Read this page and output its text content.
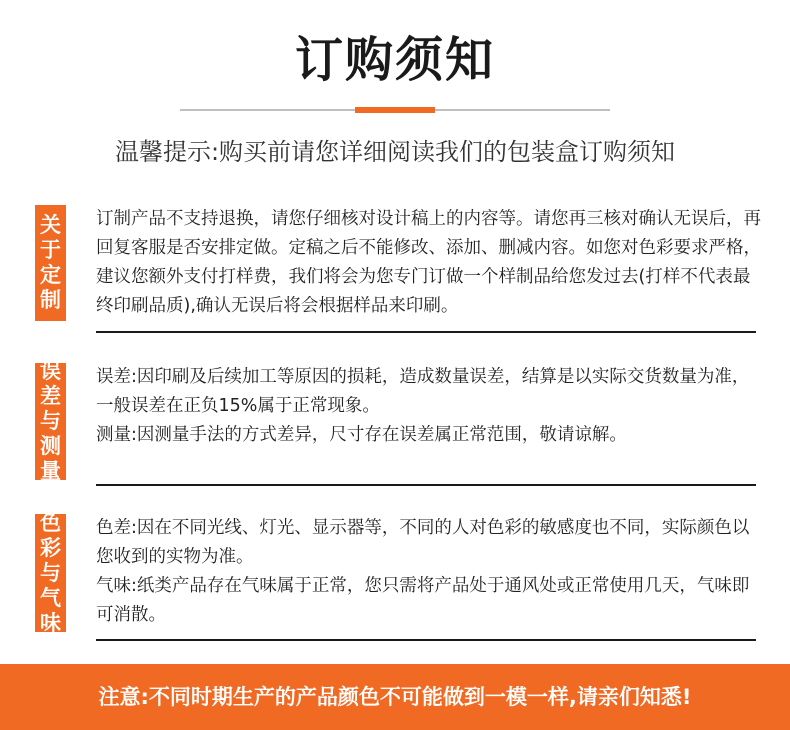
订购须知
温馨提示:购买前请您详细阅读我们的包装盒订购须知
关于定制

订制产品不支持退换，请您仔细核对设计稿上的内容等。请您再三核对确认无误后，再回复客服是否安排定做。定稿之后不能修改、添加、删减内容。如您对色彩要求严格，建议您额外支付打样费，我们将会为您专门订做一个样制品给您发过去(打样不代表最终印刷品质),确认无误后将会根据样品来印刷。

误差与测量

误差:因印刷及后续加工等原因的损耗，造成数量误差，结算是以实际交货数量为准，一般误差在正负15%属于正常现象。

测量:因测量手法的方式差异，尺寸存在误差属正常范围，敬请谅解。

色彩与气味

色差:因在不同光线、灯光、显示器等，不同的人对色彩的敏感度也不同，实际颜色以您收到的实物为准。

气味:纸类产品存在气味属于正常，您只需将产品处于通风处或正常使用几天，气味即可消散。

注意:不同时期生产的产品颜色不可能做到一模一样,请亲们知悉!
